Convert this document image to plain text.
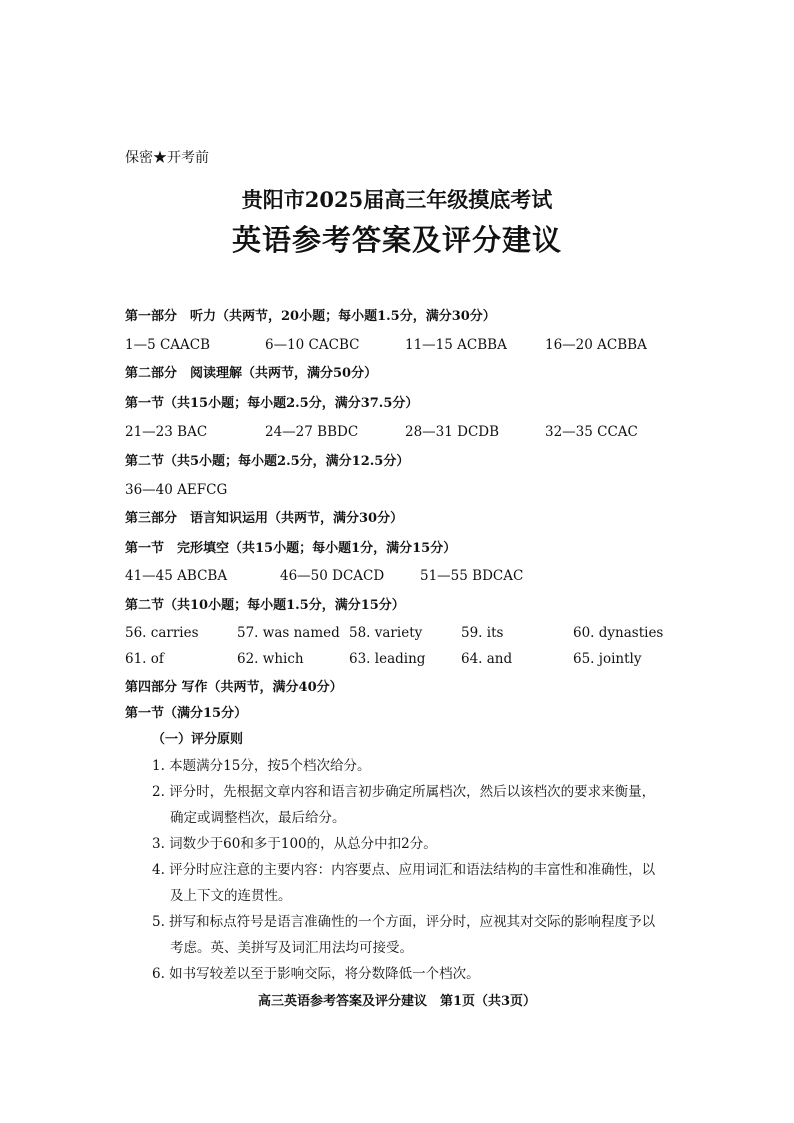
保密★开考前
贵阳市2025届高三年级摸底考试
英语参考答案及评分建议
第一部分　听力（共两节，20小题；每小题1.5分，满分30分）
1—5 CAACB	6—10 CACBC	11—15 ACBBA	16—20 ACBBA
第二部分　阅读理解（共两节，满分50分）
第一节（共15小题；每小题2.5分，满分37.5分）
21—23 BAC	24—27 BBDC	28—31 DCDB	32—35 CCAC
第二节（共5小题；每小题2.5分，满分12.5分）
36—40 AEFCG
第三部分　语言知识运用（共两节，满分30分）
第一节　完形填空（共15小题；每小题1分，满分15分）
41—45 ABCBA	46—50 DCACD	51—55 BDCAC
第二节（共10小题；每小题1.5分，满分15分）
56. carries	57. was named 58. variety	59. its	60. dynasties
61. of	62. which	63. leading	64. and	65. jointly
第四部分 写作（共两节，满分40分）
第一节（满分15分）
（一）评分原则
1. 本题满分15分，按5个档次给分。
2. 评分时，先根据文章内容和语言初步确定所属档次，然后以该档次的要求来衡量，
确定或调整档次，最后给分。
3. 词数少于60和多于100的，从总分中扣2分。
4. 评分时应注意的主要内容：内容要点、应用词汇和语法结构的丰富性和准确性，以
及上下文的连贯性。
5. 拼写和标点符号是语言准确性的一个方面，评分时，应视其对交际的影响程度予以
考虑。英、美拼写及词汇用法均可接受。
6. 如书写较差以至于影响交际，将分数降低一个档次。
高三英语参考答案及评分建议　第1页（共3页）
